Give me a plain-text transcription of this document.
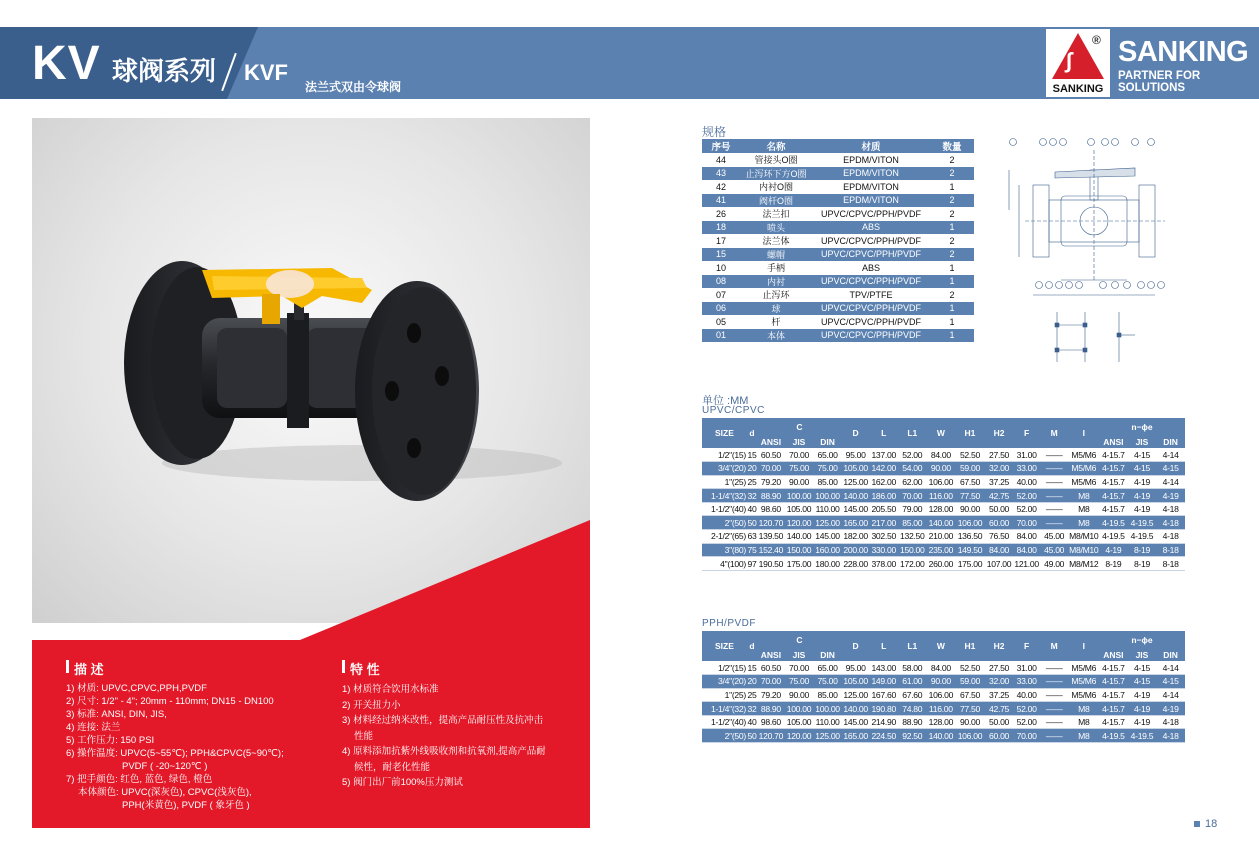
KV 球阀系列 KVF
法兰式双由令球阀
∫
®
SANKING
SANKING
PARTNER FOR SOLUTIONS
描 述
1) 材质: UPVC,CPVC,PPH,PVDF
2) 尺寸: 1/2" - 4"; 20mm - 110mm; DN15 - DN100
3) 标准: ANSI, DIN, JIS,
4) 连接: 法兰
5) 工作压力: 150 PSI
6) 操作温度: UPVC(5~55℃); PPH&CPVC(5~90℃);
PVDF ( -20~120℃ )
7) 把手颜色: 红色, 蓝色, 绿色, 橙色
本体颜色: UPVC(深灰色), CPVC(浅灰色),
PPH(米黄色), PVDF ( 象牙色 )
特 性
1) 材质符合饮用水标准
2) 开关扭力小
3) 材料经过纳米改性，提高产品耐压性及抗冲击
性能
4) 原料添加抗紫外线吸收剂和抗氧剂,提高产品耐
候性，耐老化性能
5) 阀门出厂前100%压力测试
规格
序号	名称	材质	数量
44	管接头O圈	EPDM/VITON	2
43	止泻环下方O圈	EPDM/VITON	2
42	内衬O圈	EPDM/VITON	1
41	阀杆O圈	EPDM/VITON	2
26	法兰扣	UPVC/CPVC/PPH/PVDF	2
18	喷头	ABS	1
17	法兰体	UPVC/CPVC/PPH/PVDF	2
15	螺帽	UPVC/CPVC/PPH/PVDF	2
10	手柄	ABS	1
08	内衬	UPVC/CPVC/PPH/PVDF	1
07	止泻环	TPV/PTFE	2
06	球	UPVC/CPVC/PPH/PVDF	1
05	杆	UPVC/CPVC/PPH/PVDF	1
01	本体	UPVC/CPVC/PPH/PVDF	1
单位 :MM
UPVC/CPVC
SIZE	d	C			D	L	L1	W	H1	H2	F	M	I	n−ϕe		
		ANSI	JIS	DIN										ANSI	JIS	DIN
1/2"(15)	15	60.50	70.00	65.00	95.00	137.00	52.00	84.00	52.50	27.50	31.00	——	M5/M6	4-15.7	4-15	4-14
3/4"(20)	20	70.00	75.00	75.00	105.00	142.00	54.00	90.00	59.00	32.00	33.00	——	M5/M6	4-15.7	4-15	4-15
1"(25)	25	79.20	90.00	85.00	125.00	162.00	62.00	106.00	67.50	37.25	40.00	——	M5/M6	4-15.7	4-19	4-14
1-1/4"(32)	32	88.90	100.00	100.00	140.00	186.00	70.00	116.00	77.50	42.75	52.00	——	M8	4-15.7	4-19	4-19
1-1/2"(40)	40	98.60	105.00	110.00	145.00	205.50	79.00	128.00	90.00	50.00	52.00	——	M8	4-15.7	4-19	4-18
2"(50)	50	120.70	120.00	125.00	165.00	217.00	85.00	140.00	106.00	60.00	70.00	——	M8	4-19.5	4-19.5	4-18
2-1/2"(65)	63	139.50	140.00	145.00	182.00	302.50	132.50	210.00	136.50	76.50	84.00	45.00	M8/M10	4-19.5	4-19.5	4-18
3"(80)	75	152.40	150.00	160.00	200.00	330.00	150.00	235.00	149.50	84.00	84.00	45.00	M8/M10	4-19	8-19	8-18
4"(100)	97	190.50	175.00	180.00	228.00	378.00	172.00	260.00	175.00	107.00	121.00	49.00	M8/M12	8-19	8-19	8-18
PPH/PVDF
SIZE	d	C			D	L	L1	W	H1	H2	F	M	I	n−ϕe		
		ANSI	JIS	DIN										ANSI	JIS	DIN
1/2"(15)	15	60.50	70.00	65.00	95.00	143.00	58.00	84.00	52.50	27.50	31.00	——	M5/M6	4-15.7	4-15	4-14
3/4"(20)	20	70.00	75.00	75.00	105.00	149.00	61.00	90.00	59.00	32.00	33.00	——	M5/M6	4-15.7	4-15	4-15
1"(25)	25	79.20	90.00	85.00	125.00	167.60	67.60	106.00	67.50	37.25	40.00	——	M5/M6	4-15.7	4-19	4-14
1-1/4"(32)	32	88.90	100.00	100.00	140.00	190.80	74.80	116.00	77.50	42.75	52.00	——	M8	4-15.7	4-19	4-19
1-1/2"(40)	40	98.60	105.00	110.00	145.00	214.90	88.90	128.00	90.00	50.00	52.00	——	M8	4-15.7	4-19	4-18
2"(50)	50	120.70	120.00	125.00	165.00	224.50	92.50	140.00	106.00	60.00	70.00	——	M8	4-19.5	4-19.5	4-18
18
